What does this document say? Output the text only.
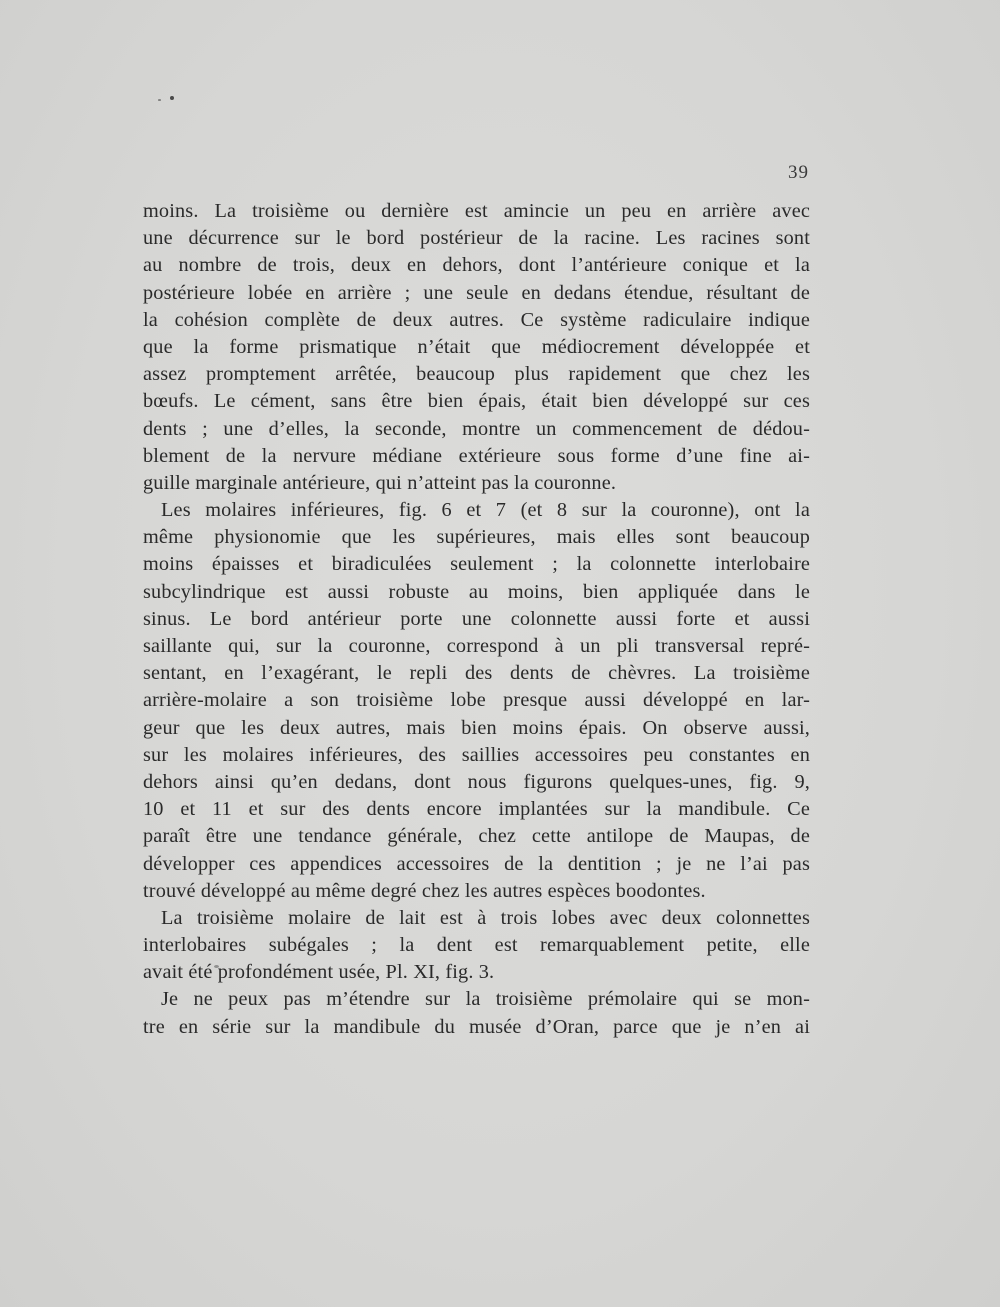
39
moins. La troisième ou dernière est amincie un peu en arrière avec
une décurrence sur le bord postérieur de la racine. Les racines sont
au nombre de trois, deux en dehors, dont l’antérieure conique et la
postérieure lobée en arrière ; une seule en dedans étendue, résultant de
la cohésion complète de deux autres. Ce système radiculaire indique
que la forme prismatique n’était que médiocrement développée et
assez promptement arrêtée, beaucoup plus rapidement que chez les
bœufs. Le cément, sans être bien épais, était bien développé sur ces
dents ; une d’elles, la seconde, montre un commencement de dédou-
blement de la nervure médiane extérieure sous forme d’une fine ai-
guille marginale antérieure, qui n’atteint pas la couronne.
Les molaires inférieures, fig. 6 et 7 (et 8 sur la couronne), ont la
même physionomie que les supérieures, mais elles sont beaucoup
moins épaisses et biradiculées seulement ; la colonnette interlobaire
subcylindrique est aussi robuste au moins, bien appliquée dans le
sinus. Le bord antérieur porte une colonnette aussi forte et aussi
saillante qui, sur la couronne, correspond à un pli transversal repré-
sentant, en l’exagérant, le repli des dents de chèvres. La troisième
arrière-molaire a son troisième lobe presque aussi développé en lar-
geur que les deux autres, mais bien moins épais. On observe aussi,
sur les molaires inférieures, des saillies accessoires peu constantes en
dehors ainsi qu’en dedans, dont nous figurons quelques-unes, fig. 9,
10 et 11 et sur des dents encore implantées sur la mandibule. Ce
paraît être une tendance générale, chez cette antilope de Maupas, de
développer ces appendices accessoires de la dentition ; je ne l’ai pas
trouvé développé au même degré chez les autres espèces boodontes.
La troisième molaire de lait est à trois lobes avec deux colonnettes
interlobaires subégales ; la dent est remarquablement petite, elle
avait été profondément usée, Pl. XI, fig. 3.
Je ne peux pas m’étendre sur la troisième prémolaire qui se mon-
tre en série sur la mandibule du musée d’Oran, parce que je n’en ai
